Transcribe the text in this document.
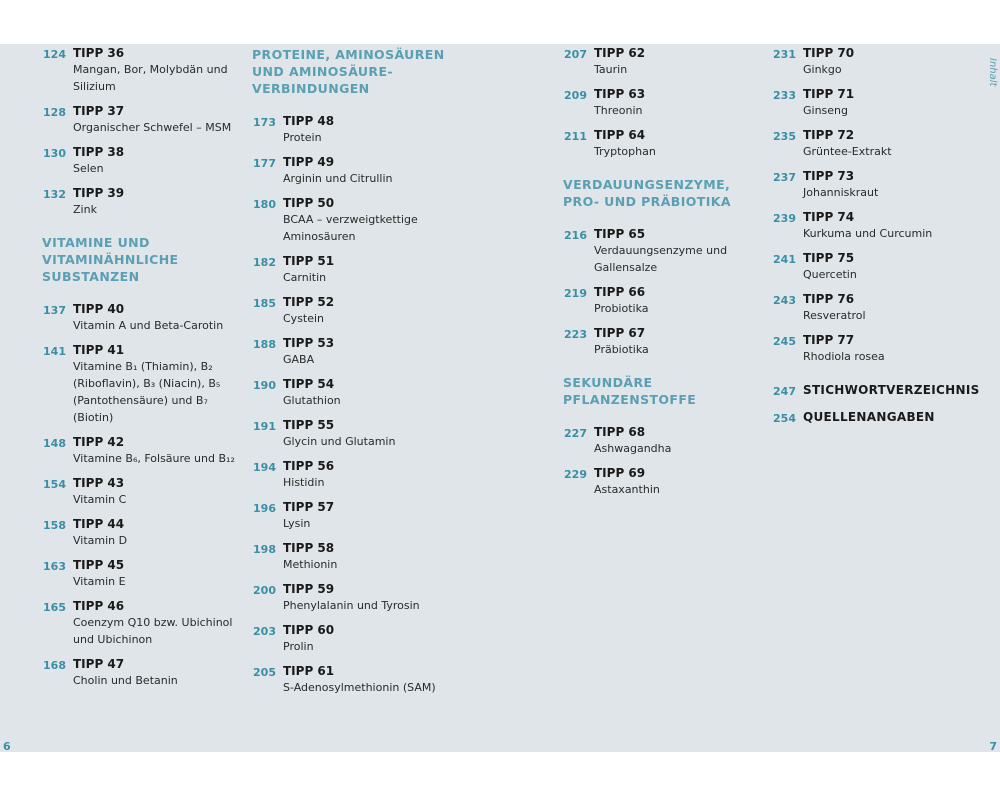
Inhalt
124 TIPP 36
Mangan, Bor, Molybdän und
Silizium
128 TIPP 37
Organischer Schwefel – MSM
130 TIPP 38
Selen
132 TIPP 39
Zink
VITAMINE UND
VITAMINÄHNLICHE
SUBSTANZEN
137 TIPP 40
Vitamin A und Beta-Carotin
141 TIPP 41
Vitamine B₁ (Thiamin), B₂
(Riboflavin), B₃ (Niacin), B₅
(Pantothensäure) und B₇
(Biotin)
148 TIPP 42
Vitamine B₆, Folsäure und B₁₂
154 TIPP 43
Vitamin C
158 TIPP 44
Vitamin D
163 TIPP 45
Vitamin E
165 TIPP 46
Coenzym Q10 bzw. Ubichinol
und Ubichinon
168 TIPP 47
Cholin und Betanin
PROTEINE, AMINOSÄUREN
UND AMINOSÄURE-
VERBINDUNGEN
173 TIPP 48
Protein
177 TIPP 49
Arginin und Citrullin
180 TIPP 50
BCAA – verzweigtkettige
Aminosäuren
182 TIPP 51
Carnitin
185 TIPP 52
Cystein
188 TIPP 53
GABA
190 TIPP 54
Glutathion
191 TIPP 55
Glycin und Glutamin
194 TIPP 56
Histidin
196 TIPP 57
Lysin
198 TIPP 58
Methionin
200 TIPP 59
Phenylalanin und Tyrosin
203 TIPP 60
Prolin
205 TIPP 61
S-Adenosylmethionin (SAM)
207 TIPP 62
Taurin
209 TIPP 63
Threonin
211 TIPP 64
Tryptophan
VERDAUUNGSENZYME,
PRO- UND PRÄBIOTIKA
216 TIPP 65
Verdauungsenzyme und
Gallensalze
219 TIPP 66
Probiotika
223 TIPP 67
Präbiotika
SEKUNDÄRE
PFLANZENSTOFFE
227 TIPP 68
Ashwagandha
229 TIPP 69
Astaxanthin
231 TIPP 70
Ginkgo
233 TIPP 71
Ginseng
235 TIPP 72
Grüntee-Extrakt
237 TIPP 73
Johanniskraut
239 TIPP 74
Kurkuma und Curcumin
241 TIPP 75
Quercetin
243 TIPP 76
Resveratrol
245 TIPP 77
Rhodiola rosea
247 STICHWORTVERZEICHNIS
254 QUELLENANGABEN
6	7
